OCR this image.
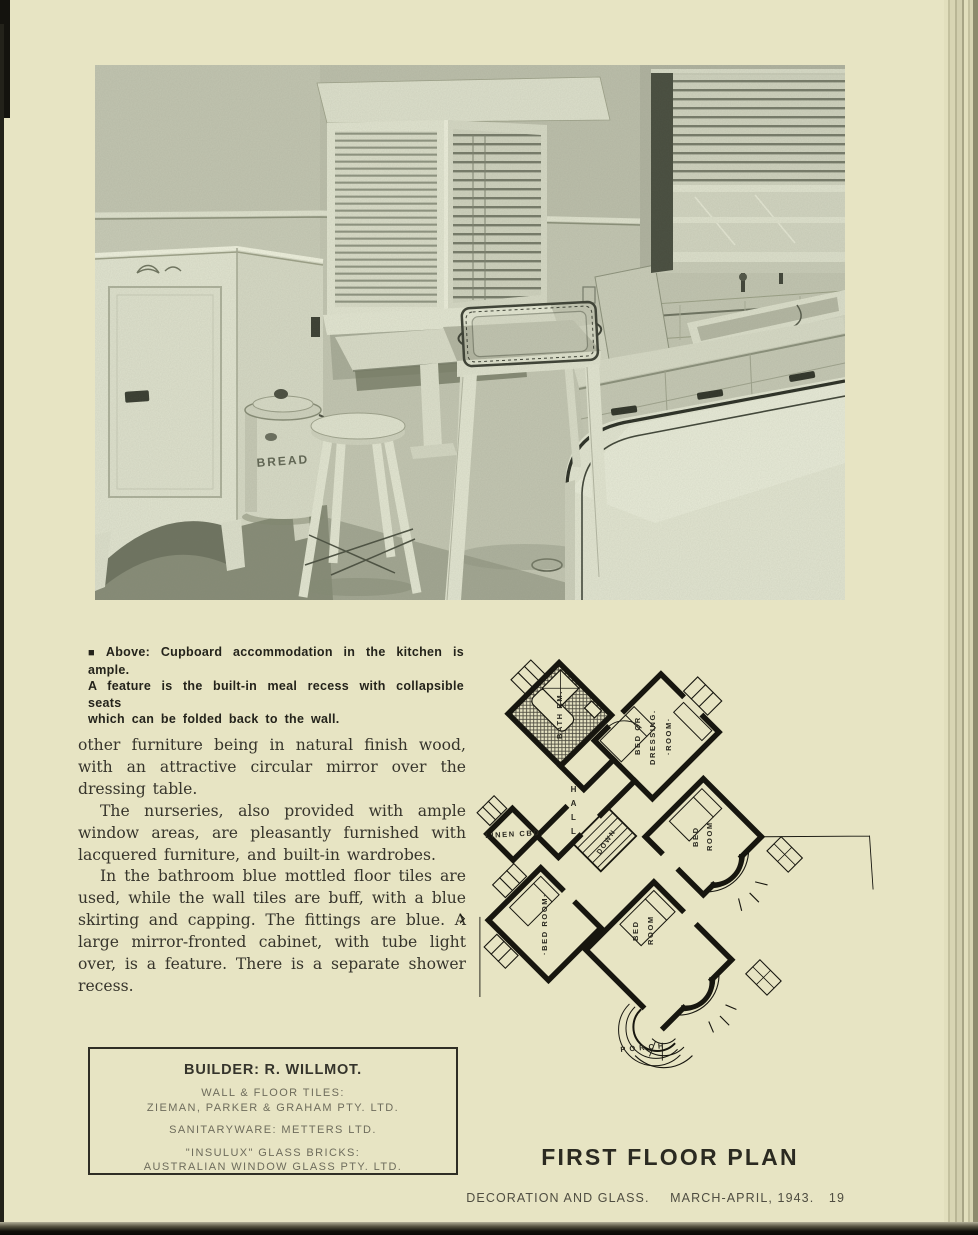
BREAD
■ Above: Cupboard accommodation in the kitchen is ample.
A feature is the built-in meal recess with collapsible seats
which can be folded back to the wall.

other furniture being in natural finish wood, with an attractive circular mirror over the dressing table.

The nurseries, also provided with ample window areas, are pleasantly furnished with lacquered furniture, and built-in wardrobes.

In the bathroom blue mottled floor tiles are used, while the wall tiles are buff, with a blue skirting and capping. The fittings are blue. A large mirror-fronted cabinet, with tube light over, is a feature. There is a separate shower recess.

BUILDER: R. WILLMOT.
WALL & FLOOR TILES:
ZIEMAN, PARKER & GRAHAM PTY. LTD.
SANITARYWARE: METTERS LTD.
"INSULUX" GLASS BRICKS:
AUSTRALIAN WINDOW GLASS PTY. LTD.
BATH RM.	BED OR DRESSING. ·ROOM·
HALL
LINEN CBD.	DOWN	BED ROOM
·BED ROOM·	BED ROOM
PORCH
FIRST FLOOR PLAN
DECORATION AND GLASS. MARCH-APRIL, 1943. 19
